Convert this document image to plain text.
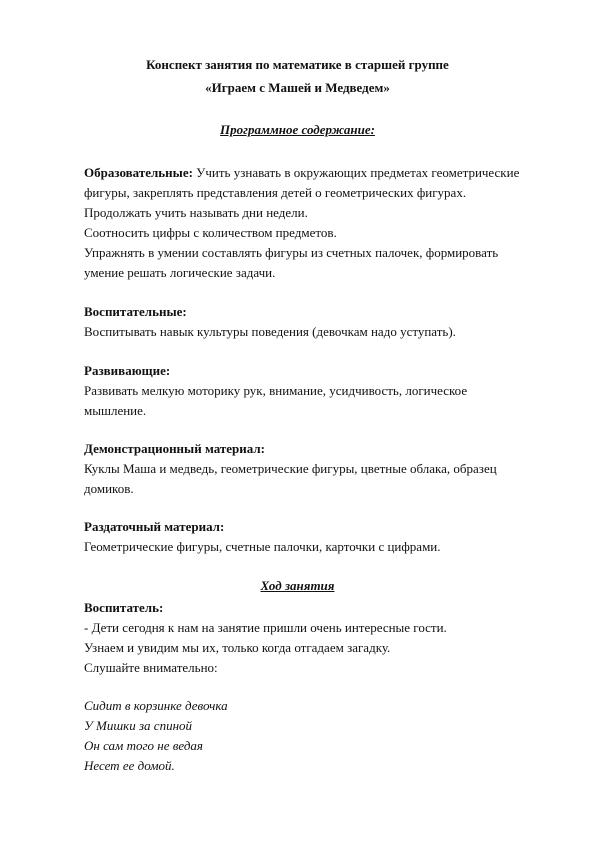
Конспект занятия по математике в старшей группе
«Играем с Машей и Медведем»
Программное содержание:
Образовательные: Учить узнавать в окружающих предметах геометрические
фигуры, закреплять представления детей о геометрических фигурах.
Продолжать учить называть дни недели.
Соотносить цифры с количеством предметов.
Упражнять в умении составлять фигуры из счетных палочек, формировать
умение решать логические задачи.
Воспитательные:
Воспитывать навык культуры поведения (девочкам надо уступать).
Развивающие:
Развивать мелкую моторику рук, внимание, усидчивость, логическое
мышление.
Демонстрационный материал:
Куклы Маша и медведь, геометрические фигуры, цветные облака, образец
домиков.
Раздаточный материал:
Геометрические фигуры, счетные палочки, карточки с цифрами.
Ход занятия
Воспитатель:
- Дети сегодня к нам на занятие пришли очень интересные гости.
Узнаем и увидим мы их, только когда отгадаем загадку.
Слушайте внимательно:
Сидит в корзинке девочка
У Мишки за спиной
Он сам того не ведая
Несет ее домой.
